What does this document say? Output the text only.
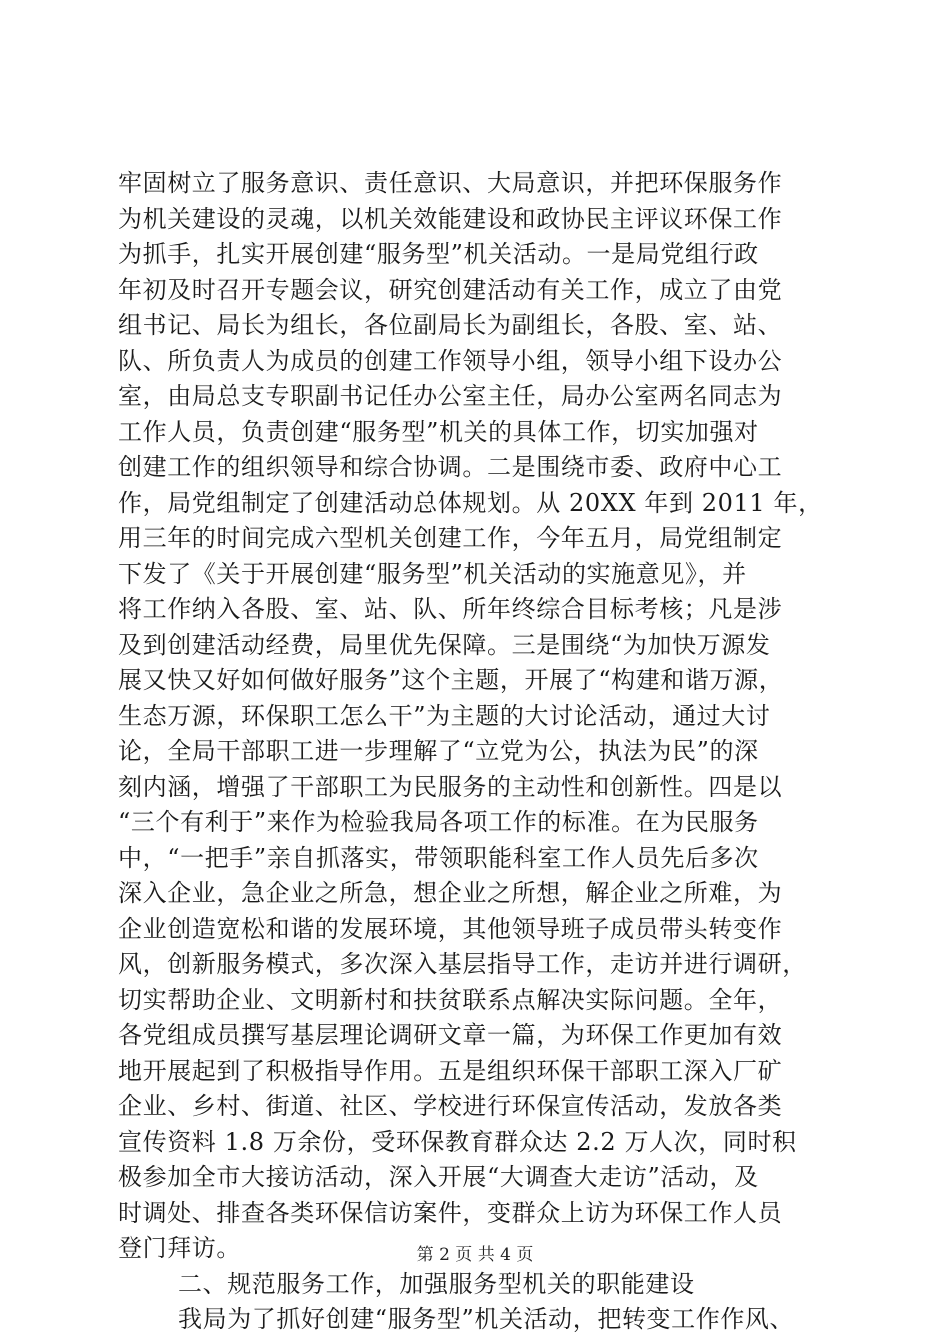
牢固树立了服务意识、责任意识、大局意识，并把环保服务作
为机关建设的灵魂，以机关效能建设和政协民主评议环保工作
为抓手，扎实开展创建“服务型”机关活动。一是局党组行政
年初及时召开专题会议，研究创建活动有关工作，成立了由党
组书记、局长为组长，各位副局长为副组长，各股、室、站、
队、所负责人为成员的创建工作领导小组，领导小组下设办公
室，由局总支专职副书记任办公室主任，局办公室两名同志为
工作人员，负责创建“服务型”机关的具体工作，切实加强对
创建工作的组织领导和综合协调。二是围绕市委、政府中心工
作，局党组制定了创建活动总体规划。从 20XX 年到 2011 年，
用三年的时间完成六型机关创建工作，今年五月，局党组制定
下发了《关于开展创建“服务型”机关活动的实施意见》，并
将工作纳入各股、室、站、队、所年终综合目标考核；凡是涉
及到创建活动经费，局里优先保障。三是围绕“为加快万源发
展又快又好如何做好服务”这个主题，开展了“构建和谐万源，
生态万源，环保职工怎么干”为主题的大讨论活动，通过大讨
论，全局干部职工进一步理解了“立党为公，执法为民”的深
刻内涵，增强了干部职工为民服务的主动性和创新性。四是以
“三个有利于”来作为检验我局各项工作的标准。在为民服务
中，“一把手”亲自抓落实，带领职能科室工作人员先后多次
深入企业，急企业之所急，想企业之所想，解企业之所难，为
企业创造宽松和谐的发展环境，其他领导班子成员带头转变作
风，创新服务模式，多次深入基层指导工作，走访并进行调研，
切实帮助企业、文明新村和扶贫联系点解决实际问题。全年，
各党组成员撰写基层理论调研文章一篇，为环保工作更加有效
地开展起到了积极指导作用。五是组织环保干部职工深入厂矿
企业、乡村、街道、社区、学校进行环保宣传活动，发放各类
宣传资料 1.8 万余份，受环保教育群众达 2.2 万人次，同时积
极参加全市大接访活动，深入开展“大调查大走访”活动，及
时调处、排查各类环保信访案件，变群众上访为环保工作人员
登门拜访。
二、规范服务工作，加强服务型机关的职能建设
我局为了抓好创建“服务型”机关活动，把转变工作作风、
第 2 页 共 4 页
